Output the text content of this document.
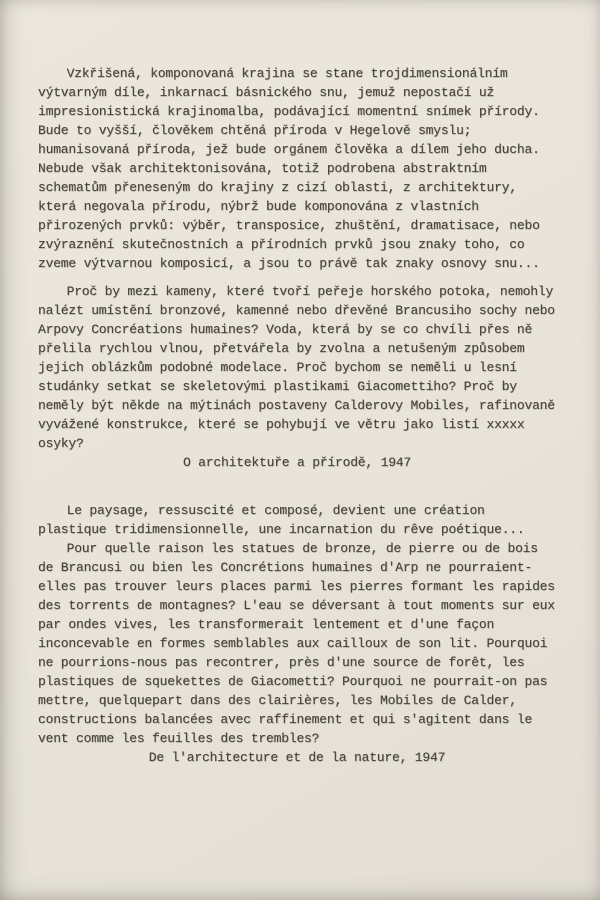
Vzkřišená, komponovaná krajina se stane trojdimensionálním výtvarným díle, inkarnací básnického snu, jemuž nepostačí už impresionistická krajinomalba, podávající momentní snímek přírody. Bude to vyšší, člověkem chtěná příroda v Hegelově smyslu; humanisovaná příroda, jež bude orgánem člověka a dílem jeho ducha. Nebude však architektonisována, totiž podrobena abstraktním schematům přeneseným do krajiny z cizí oblasti, z architektury, která negovala přírodu, nýbrž bude komponována z vlastních přirozených prvků: výběr, transposice, zhuštění, dramatisace, nebo zvýraznění skutečnostních a přírodních prvků jsou znaky toho, co zveme výtvarnou komposicí, a jsou to právě tak znaky osnovy snu...

Proč by mezi kameny, které tvoří peřeje horského potoka, nemohly nalézt umístění bronzové, kamenné nebo dřevěné Brancusiho sochy nebo Arpovy Concréations humaines? Voda, která by se co chvíli přes ně přelila rychlou vlnou, přetvářela by zvolna a netušeným způsobem jejich oblázkům podobné modelace. Proč bychom se neměli u lesní studánky setkat se skeletovými plastikami Giacomettiho? Proč by neměly být někde na mýtinách postaveny Calderovy Mobiles, rafinovaně vyvážené konstrukce, které se pohybují ve větru jako listí xxxxx osyky?

O architektuře a přírodě, 1947

Le paysage, ressuscité et composé, devient une création plastique tridimensionnelle, une incarnation du rêve poétique...

Pour quelle raison les statues de bronze, de pierre ou de bois de Brancusi ou bien les Concrétions humaines d'Arp ne pourraient-elles pas trouver leurs places parmi les pierres formant les rapides des torrents de montagnes? L'eau se déversant à tout moments sur eux par ondes vives, les transformerait lentement et d'une façon inconcevable en formes semblables aux cailloux de son lit. Pourquoi ne pourrions-nous pas recontrer, près d'une source de forêt, les plastiques de squekettes de Giacometti? Pourquoi ne pourrait-on pas mettre, quelquepart dans des clairières, les Mobiles de Calder, constructions balancées avec raffinement et qui s'agitent dans le vent comme les feuilles des trembles?

De l'architecture et de la nature, 1947
